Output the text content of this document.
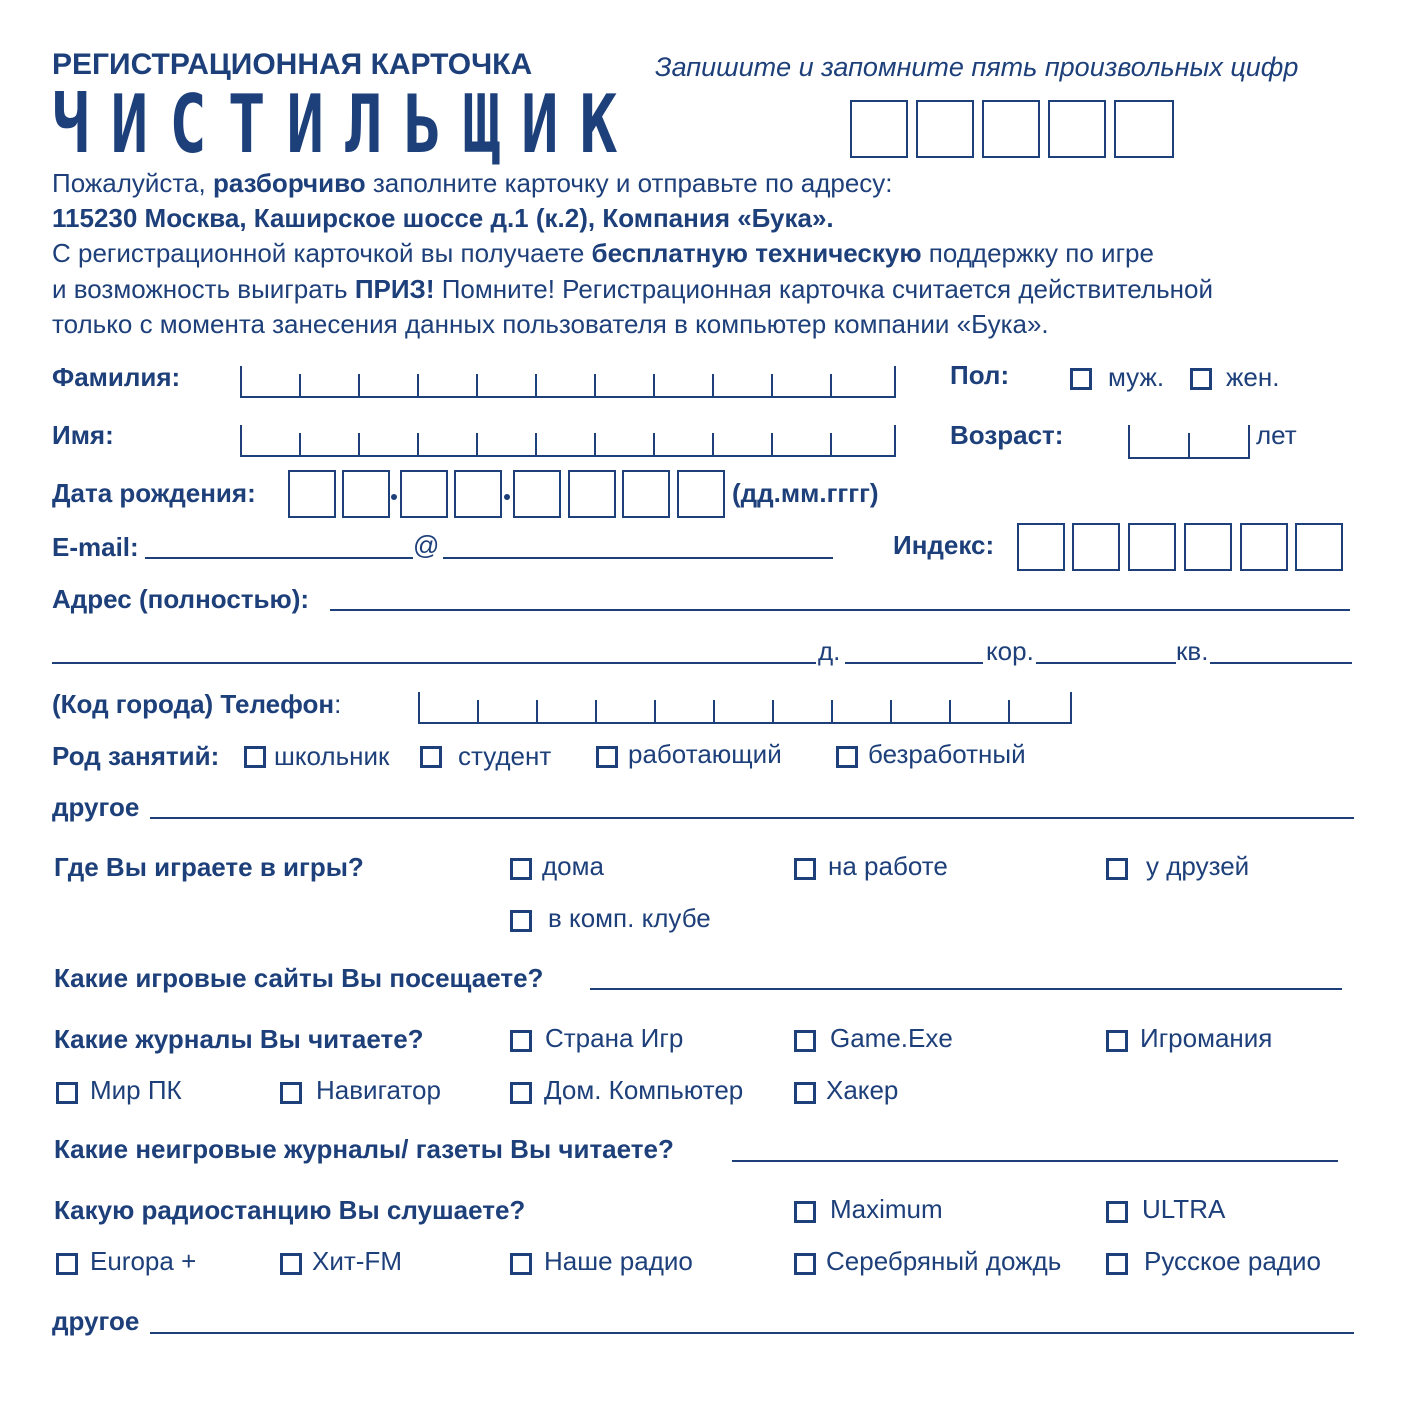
РЕГИСТРАЦИОННАЯ КАРТОЧКА
ЧИСТИЛЬЩИК
Запишите и запомните пять произвольных цифр
Пожалуйста, разборчиво заполните карточку и отправьте по адресу:
115230 Москва, Каширское шоссе д.1 (к.2), Компания «Бука».
С регистрационной карточкой вы получаете бесплатную техническую поддержку по игре
и возможность выиграть ПРИЗ! Помните! Регистрационная карточка считается действительной
только с момента занесения данных пользователя в компьютер компании «Бука».
Фамилия:	Пол:	муж. жен.
Имя:	Возраст:	лет
Дата рождения:	(дд.мм.гггг)
E-mail:	@	Индекс:
Адрес (полностью):
д.	кор.	кв.
(Код города) Телефон:
Род занятий: школьник	студент	работающий	безработный
другое
Где Вы играете в игры?	дома	на работе	у друзей
в комп. клубе
Какие игровые сайты Вы посещаете?
Какие журналы Вы читаете?	Страна Игр	Game.Exe	Игромания
Мир ПК	Навигатор	Дом. Компьютер	Хакер
Какие неигровые журналы/ газеты Вы читаете?
Какую радиостанцию Вы слушаете?	Maximum	ULTRA
Europa +	Хит-FM	Наше радио	Серебряный дождь	Русское радио
другое
